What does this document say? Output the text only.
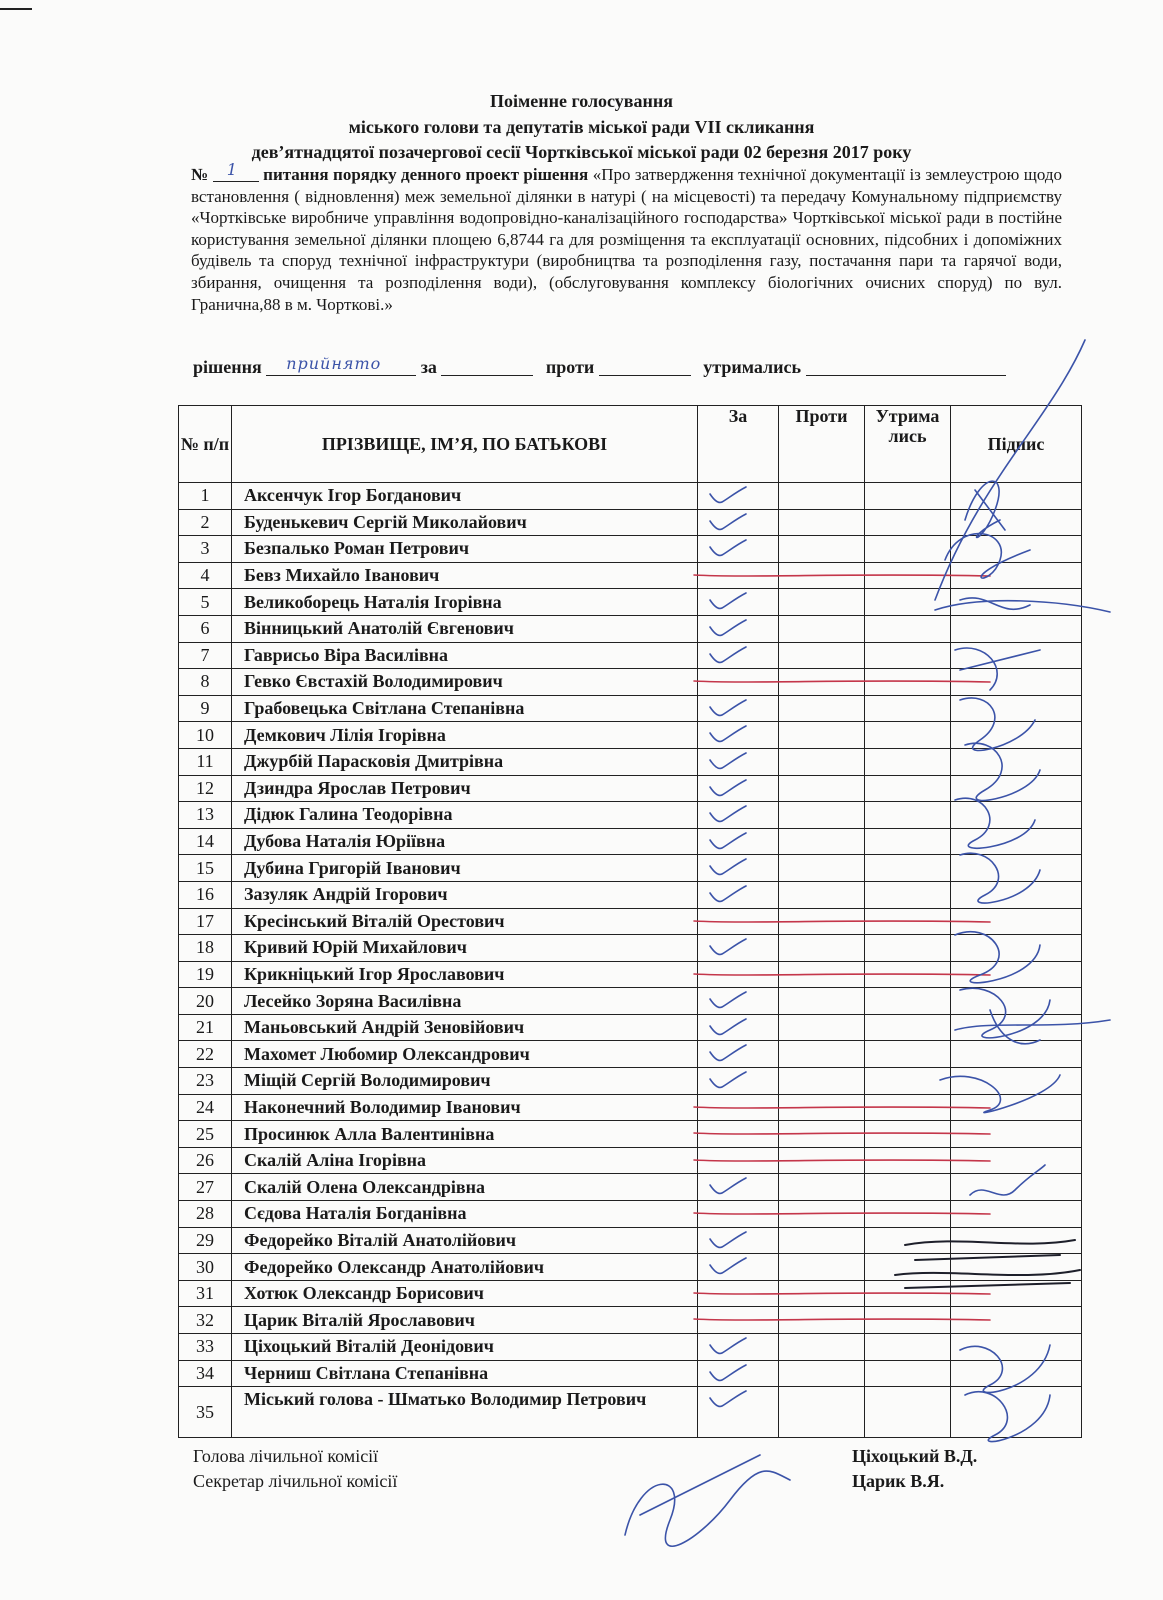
Поіменне голосування
міського голови та депутатів міської ради VІІ скликання
дев’ятнадцятої позачергової сесії Чортківської міської ради 02 березня 2017 року
№ 1 питання порядку денного проект рішення «Про затвердження технічної документації із землеустрою щодо встановлення ( відновлення) меж земельної ділянки в натурі ( на місцевості) та передачу Комунальному підприємству «Чортківське виробниче управління водопровідно-каналізаційного господарства» Чортківської міської ради в постійне користування земельної ділянки площею 6,8744 га для розміщення та експлуатації основних, підсобних і допоміжних будівель та споруд технічної інфраструктури (виробництва та розподілення газу, постачання пари та гарячої води, збирання, очищення та розподілення води), (обслуговування комплексу біологічних очисних споруд) по вул. Гранична,88 в м. Чорткові.»
рішення прийнято за	проти	утримались
№ п/п	ПРІЗВИЩЕ, ІМ’Я, ПО БАТЬКОВІ	За	Проти	Утрима лись	Підпис
1	Аксенчук Ігор Богданович	

2	Буденькевич Сергій Миколайович	

3	Безпалько Роман Петрович	

4	Бевз Михайло Іванович	

5	Великоборець Наталія Ігорівна	

6	Вінницький Анатолій Євгенович	

7	Гаврисьо Віра Василівна	

8	Гевко Євстахій Володимирович	

9	Грабовецька Світлана Степанівна	

10	Демкович Лілія Ігорівна	

11	Джурбій Парасковія Дмитрівна	

12	Дзиндра Ярослав Петрович	

13	Дідюк Галина Теодорівна	

14	Дубова Наталія Юріївна	

15	Дубина Григорій Іванович	

16	Зазуляк Андрій Ігорович	

17	Кресінський Віталій Орестович	

18	Кривий Юрій Михайлович	

19	Крикніцький Ігор Ярославович	

20	Лесейко Зоряна Василівна	

21	Маньовський Андрій Зеновійович	

22	Махомет Любомир Олександрович	

23	Міщій Сергій Володимирович	

24	Наконечний Володимир Іванович	

25	Просинюк Алла Валентинівна	

26	Скалій Аліна Ігорівна	

27	Скалій Олена Олександрівна	

28	Сєдова Наталія Богданівна	

29	Федорейко Віталій Анатолійович	

30	Федорейко Олександр Анатолійович	

31	Хотюк Олександр Борисович	

32	Царик Віталій Ярославович	

33	Ціхоцький Віталій Деонідович	

34	Черниш Світлана Степанівна	

35	Міський голова - Шматько Володимир Петрович	

Голова лічильної комісії
Секретар лічильної комісії
Ціхоцький В.Д.
Царик В.Я.
